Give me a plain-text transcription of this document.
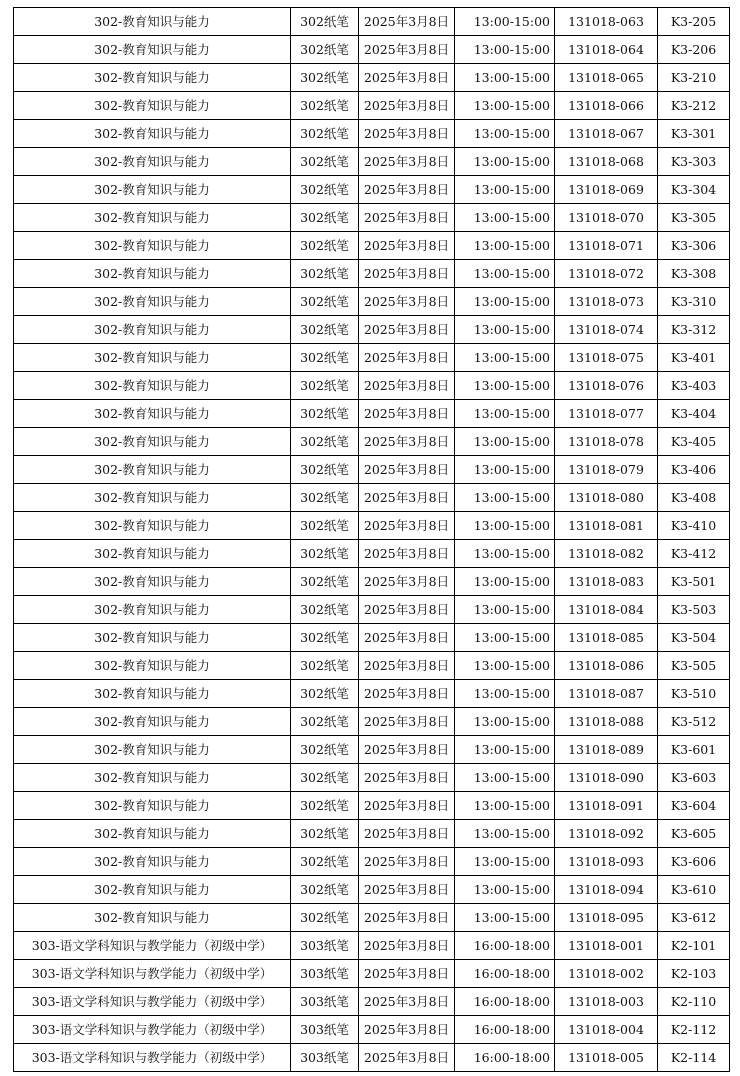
302-教育知识与能力	302纸笔	2025年3月8日	13:00-15:00	131018-063	K3-205
302-教育知识与能力	302纸笔	2025年3月8日	13:00-15:00	131018-064	K3-206
302-教育知识与能力	302纸笔	2025年3月8日	13:00-15:00	131018-065	K3-210
302-教育知识与能力	302纸笔	2025年3月8日	13:00-15:00	131018-066	K3-212
302-教育知识与能力	302纸笔	2025年3月8日	13:00-15:00	131018-067	K3-301
302-教育知识与能力	302纸笔	2025年3月8日	13:00-15:00	131018-068	K3-303
302-教育知识与能力	302纸笔	2025年3月8日	13:00-15:00	131018-069	K3-304
302-教育知识与能力	302纸笔	2025年3月8日	13:00-15:00	131018-070	K3-305
302-教育知识与能力	302纸笔	2025年3月8日	13:00-15:00	131018-071	K3-306
302-教育知识与能力	302纸笔	2025年3月8日	13:00-15:00	131018-072	K3-308
302-教育知识与能力	302纸笔	2025年3月8日	13:00-15:00	131018-073	K3-310
302-教育知识与能力	302纸笔	2025年3月8日	13:00-15:00	131018-074	K3-312
302-教育知识与能力	302纸笔	2025年3月8日	13:00-15:00	131018-075	K3-401
302-教育知识与能力	302纸笔	2025年3月8日	13:00-15:00	131018-076	K3-403
302-教育知识与能力	302纸笔	2025年3月8日	13:00-15:00	131018-077	K3-404
302-教育知识与能力	302纸笔	2025年3月8日	13:00-15:00	131018-078	K3-405
302-教育知识与能力	302纸笔	2025年3月8日	13:00-15:00	131018-079	K3-406
302-教育知识与能力	302纸笔	2025年3月8日	13:00-15:00	131018-080	K3-408
302-教育知识与能力	302纸笔	2025年3月8日	13:00-15:00	131018-081	K3-410
302-教育知识与能力	302纸笔	2025年3月8日	13:00-15:00	131018-082	K3-412
302-教育知识与能力	302纸笔	2025年3月8日	13:00-15:00	131018-083	K3-501
302-教育知识与能力	302纸笔	2025年3月8日	13:00-15:00	131018-084	K3-503
302-教育知识与能力	302纸笔	2025年3月8日	13:00-15:00	131018-085	K3-504
302-教育知识与能力	302纸笔	2025年3月8日	13:00-15:00	131018-086	K3-505
302-教育知识与能力	302纸笔	2025年3月8日	13:00-15:00	131018-087	K3-510
302-教育知识与能力	302纸笔	2025年3月8日	13:00-15:00	131018-088	K3-512
302-教育知识与能力	302纸笔	2025年3月8日	13:00-15:00	131018-089	K3-601
302-教育知识与能力	302纸笔	2025年3月8日	13:00-15:00	131018-090	K3-603
302-教育知识与能力	302纸笔	2025年3月8日	13:00-15:00	131018-091	K3-604
302-教育知识与能力	302纸笔	2025年3月8日	13:00-15:00	131018-092	K3-605
302-教育知识与能力	302纸笔	2025年3月8日	13:00-15:00	131018-093	K3-606
302-教育知识与能力	302纸笔	2025年3月8日	13:00-15:00	131018-094	K3-610
302-教育知识与能力	302纸笔	2025年3月8日	13:00-15:00	131018-095	K3-612
303-语文学科知识与教学能力（初级中学）	303纸笔	2025年3月8日	16:00-18:00	131018-001	K2-101
303-语文学科知识与教学能力（初级中学）	303纸笔	2025年3月8日	16:00-18:00	131018-002	K2-103
303-语文学科知识与教学能力（初级中学）	303纸笔	2025年3月8日	16:00-18:00	131018-003	K2-110
303-语文学科知识与教学能力（初级中学）	303纸笔	2025年3月8日	16:00-18:00	131018-004	K2-112
303-语文学科知识与教学能力（初级中学）	303纸笔	2025年3月8日	16:00-18:00	131018-005	K2-114
